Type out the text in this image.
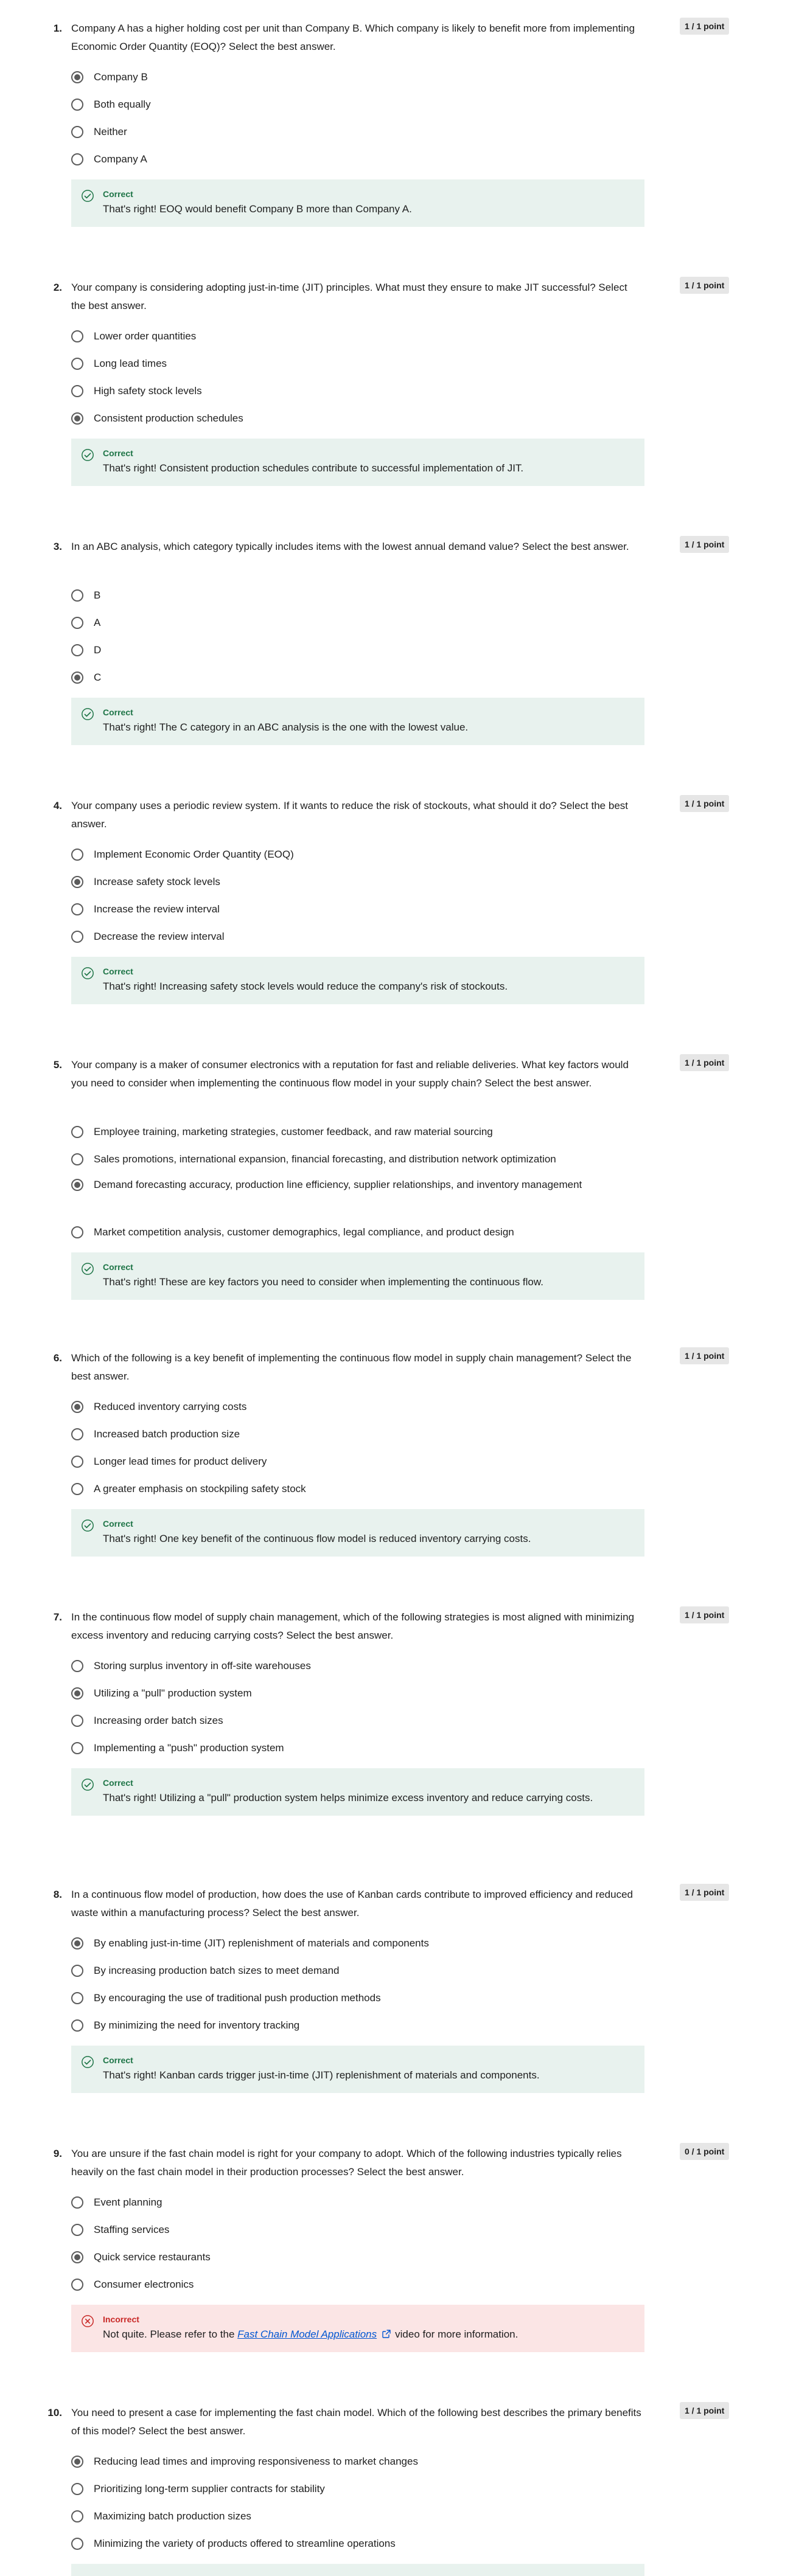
1. Company A has a higher holding cost per unit than Company B. Which company is likely to benefit more from implementing Economic Order Quantity (EOQ)? Select the best answer.
1 / 1 point
Company B
Both equally
Neither
Company A
Correct
That's right! EOQ would benefit Company B more than Company A.
2. Your company is considering adopting just-in-time (JIT) principles. What must they ensure to make JIT successful? Select the best answer.
1 / 1 point
Lower order quantities
Long lead times
High safety stock levels
Consistent production schedules
Correct
That's right! Consistent production schedules contribute to successful implementation of JIT.
3. In an ABC analysis, which category typically includes items with the lowest annual demand value? Select the best answer.	1 / 1 point
B
A
D
C
Correct
That's right! The C category in an ABC analysis is the one with the lowest value.
4. Your company uses a periodic review system. If it wants to reduce the risk of stockouts, what should it do? Select the best answer.
1 / 1 point
Implement Economic Order Quantity (EOQ)
Increase safety stock levels
Increase the review interval
Decrease the review interval
Correct
That's right! Increasing safety stock levels would reduce the company's risk of stockouts.
5. Your company is a maker of consumer electronics with a reputation for fast and reliable deliveries. What key factors would you need to consider when implementing the continuous flow model in your supply chain? Select the best answer.
1 / 1 point
Employee training, marketing strategies, customer feedback, and raw material sourcing
Sales promotions, international expansion, financial forecasting, and distribution network optimization
Demand forecasting accuracy, production line efficiency, supplier relationships, and inventory management
Market competition analysis, customer demographics, legal compliance, and product design
Correct
That's right! These are key factors you need to consider when implementing the continuous flow.
6. Which of the following is a key benefit of implementing the continuous flow model in supply chain management? Select the best answer.
1 / 1 point
Reduced inventory carrying costs
Increased batch production size
Longer lead times for product delivery
A greater emphasis on stockpiling safety stock
Correct
That's right! One key benefit of the continuous flow model is reduced inventory carrying costs.
7. In the continuous flow model of supply chain management, which of the following strategies is most aligned with minimizing excess inventory and reducing carrying costs? Select the best answer.
1 / 1 point
Storing surplus inventory in off-site warehouses
Utilizing a "pull" production system
Increasing order batch sizes
Implementing a "push" production system
Correct
That's right! Utilizing a "pull" production system helps minimize excess inventory and reduce carrying costs.
8. In a continuous flow model of production, how does the use of Kanban cards contribute to improved efficiency and reduced waste within a manufacturing process? Select the best answer.
1 / 1 point
By enabling just-in-time (JIT) replenishment of materials and components
By increasing production batch sizes to meet demand
By encouraging the use of traditional push production methods
By minimizing the need for inventory tracking
Correct
That's right! Kanban cards trigger just-in-time (JIT) replenishment of materials and components.
9. You are unsure if the fast chain model is right for your company to adopt. Which of the following industries typically relies heavily on the fast chain model in their production processes? Select the best answer.
0 / 1 point
Event planning
Staffing services
Quick service restaurants
Consumer electronics
Incorrect
Not quite. Please refer to the Fast Chain Model Applications video for more information.
10. You need to present a case for implementing the fast chain model. Which of the following best describes the primary benefits of this model? Select the best answer.
1 / 1 point
Reducing lead times and improving responsiveness to market changes
Prioritizing long-term supplier contracts for stability
Maximizing batch production sizes
Minimizing the variety of products offered to streamline operations
